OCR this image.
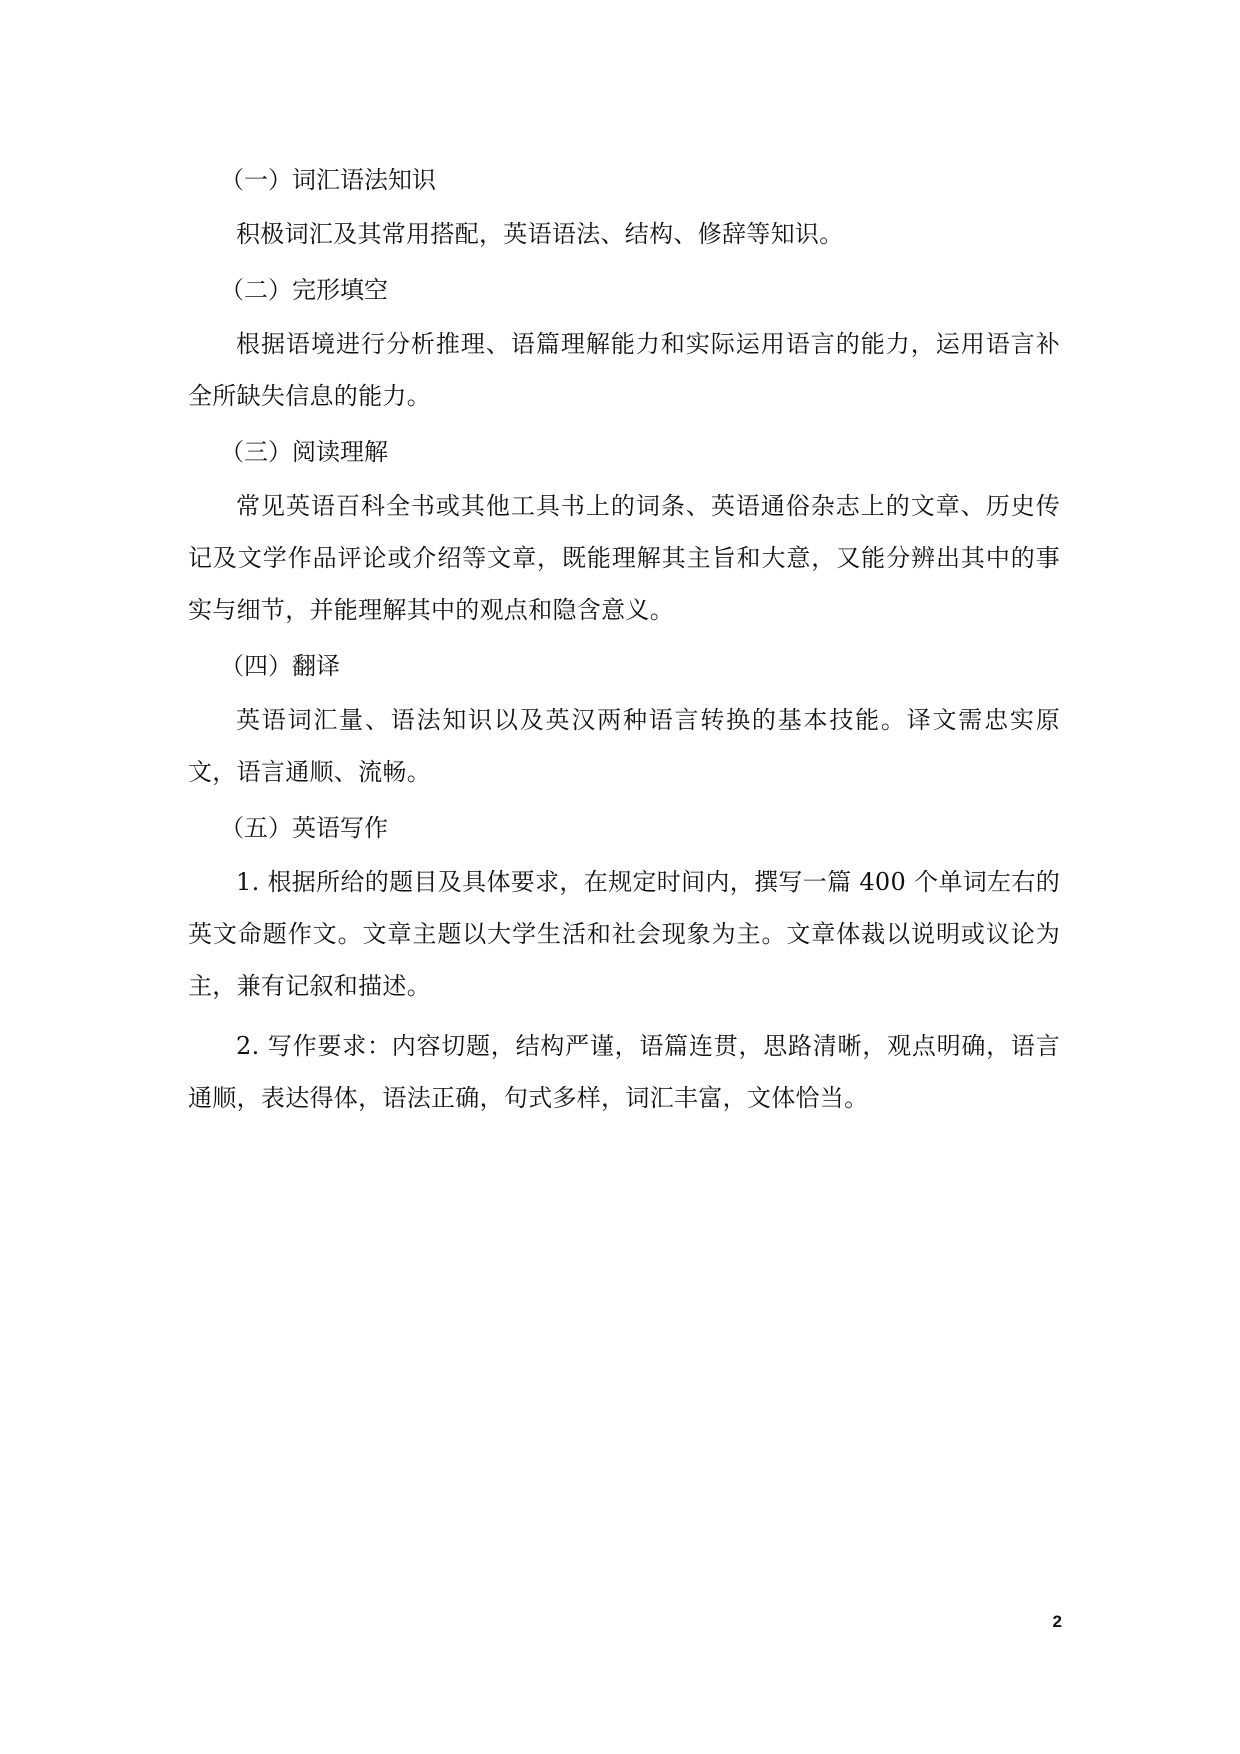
（一）词汇语法知识

积极词汇及其常用搭配，英语语法、结构、修辞等知识。

（二）完形填空

根据语境进行分析推理、语篇理解能力和实际运用语言的能力，运用语言补全所缺失信息的能力。

（三）阅读理解

常见英语百科全书或其他工具书上的词条、英语通俗杂志上的文章、历史传记及文学作品评论或介绍等文章，既能理解其主旨和大意，又能分辨出其中的事实与细节，并能理解其中的观点和隐含意义。

（四）翻译

英语词汇量、语法知识以及英汉两种语言转换的基本技能。译文需忠实原文，语言通顺、流畅。

（五）英语写作

1. 根据所给的题目及具体要求，在规定时间内，撰写一篇 400 个单词左右的英文命题作文。文章主题以大学生活和社会现象为主。文章体裁以说明或议论为主，兼有记叙和描述。

2. 写作要求：内容切题，结构严谨，语篇连贯，思路清晰，观点明确，语言通顺，表达得体，语法正确，句式多样，词汇丰富，文体恰当。

2
